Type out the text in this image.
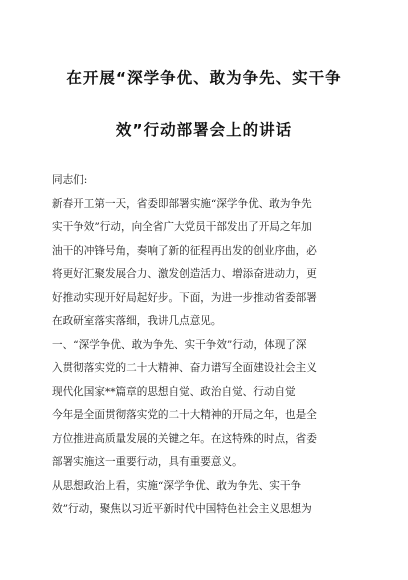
在开展“深学争优、敢为争先、实干争
效”行动部署会上的讲话
同志们:
新春开工第一天，省委即部署实施“深学争优、敢为争先
实干争效”行动，向全省广大党员干部发出了开局之年加
油干的冲锋号角，奏响了新的征程再出发的创业序曲，必
将更好汇聚发展合力、激发创造活力、增添奋进动力，更
好推动实现开好局起好步。下面，为进一步推动省委部署
在政研室落实落细，我讲几点意见。
一、“深学争优、敢为争先、实干争效”行动，体现了深
入贯彻落实党的二十大精神、奋力谱写全面建设社会主义
现代化国家**篇章的思想自觉、政治自觉、行动自觉
今年是全面贯彻落实党的二十大精神的开局之年，也是全
方位推进高质量发展的关键之年。在这特殊的时点，省委
部署实施这一重要行动，具有重要意义。
从思想政治上看，实施“深学争优、敢为争先、实干争
效”行动，聚焦以习近平新时代中国特色社会主义思想为
